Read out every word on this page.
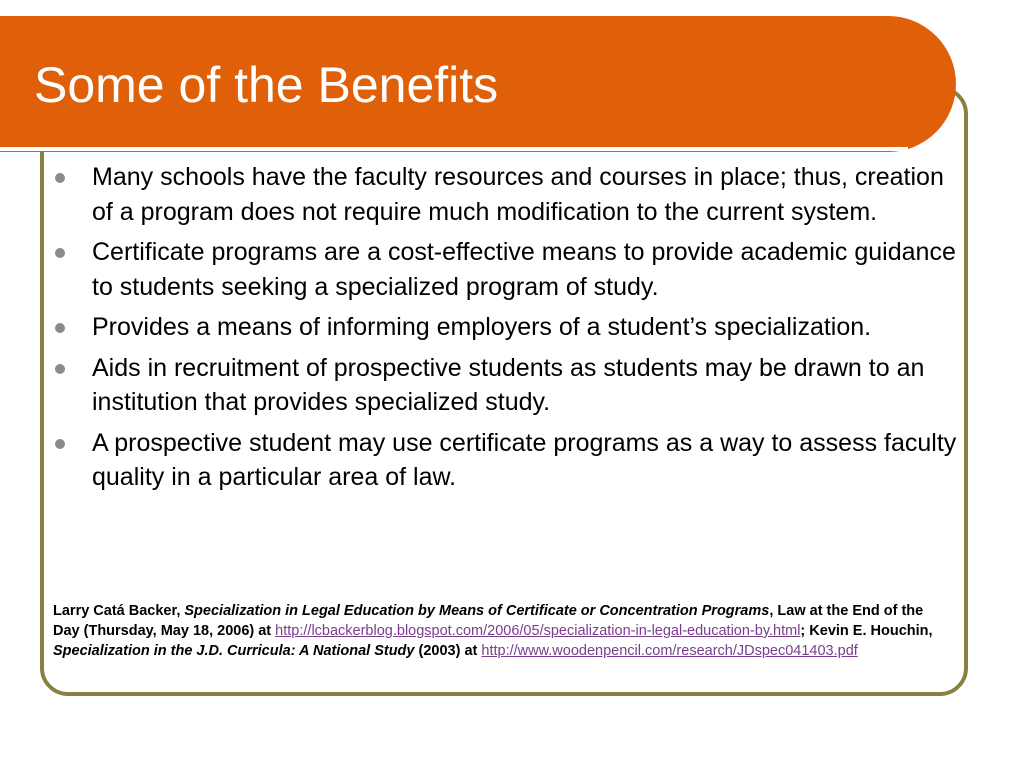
Some of the Benefits
Many schools have the faculty resources and courses in place; thus, creation of a program does not require much modification to the current system.
Certificate programs are a cost-effective means to provide academic guidance to students seeking a specialized program of study.
Provides a means of informing employers of a student’s specialization.
Aids in recruitment of prospective students as students may be drawn to an institution that provides specialized study.
A prospective student may use certificate programs as a way to assess faculty quality in a particular area of law.

Larry Catá Backer, Specialization in Legal Education by Means of Certificate or Concentration Programs, Law at the End of the Day (Thursday, May 18, 2006) at http://lcbackerblog.blogspot.com/2006/05/specialization-in-legal-education-by.html; Kevin E. Houchin, Specialization in the J.D. Curricula: A National Study (2003) at http://www.woodenpencil.com/research/JDspec041403.pdf
